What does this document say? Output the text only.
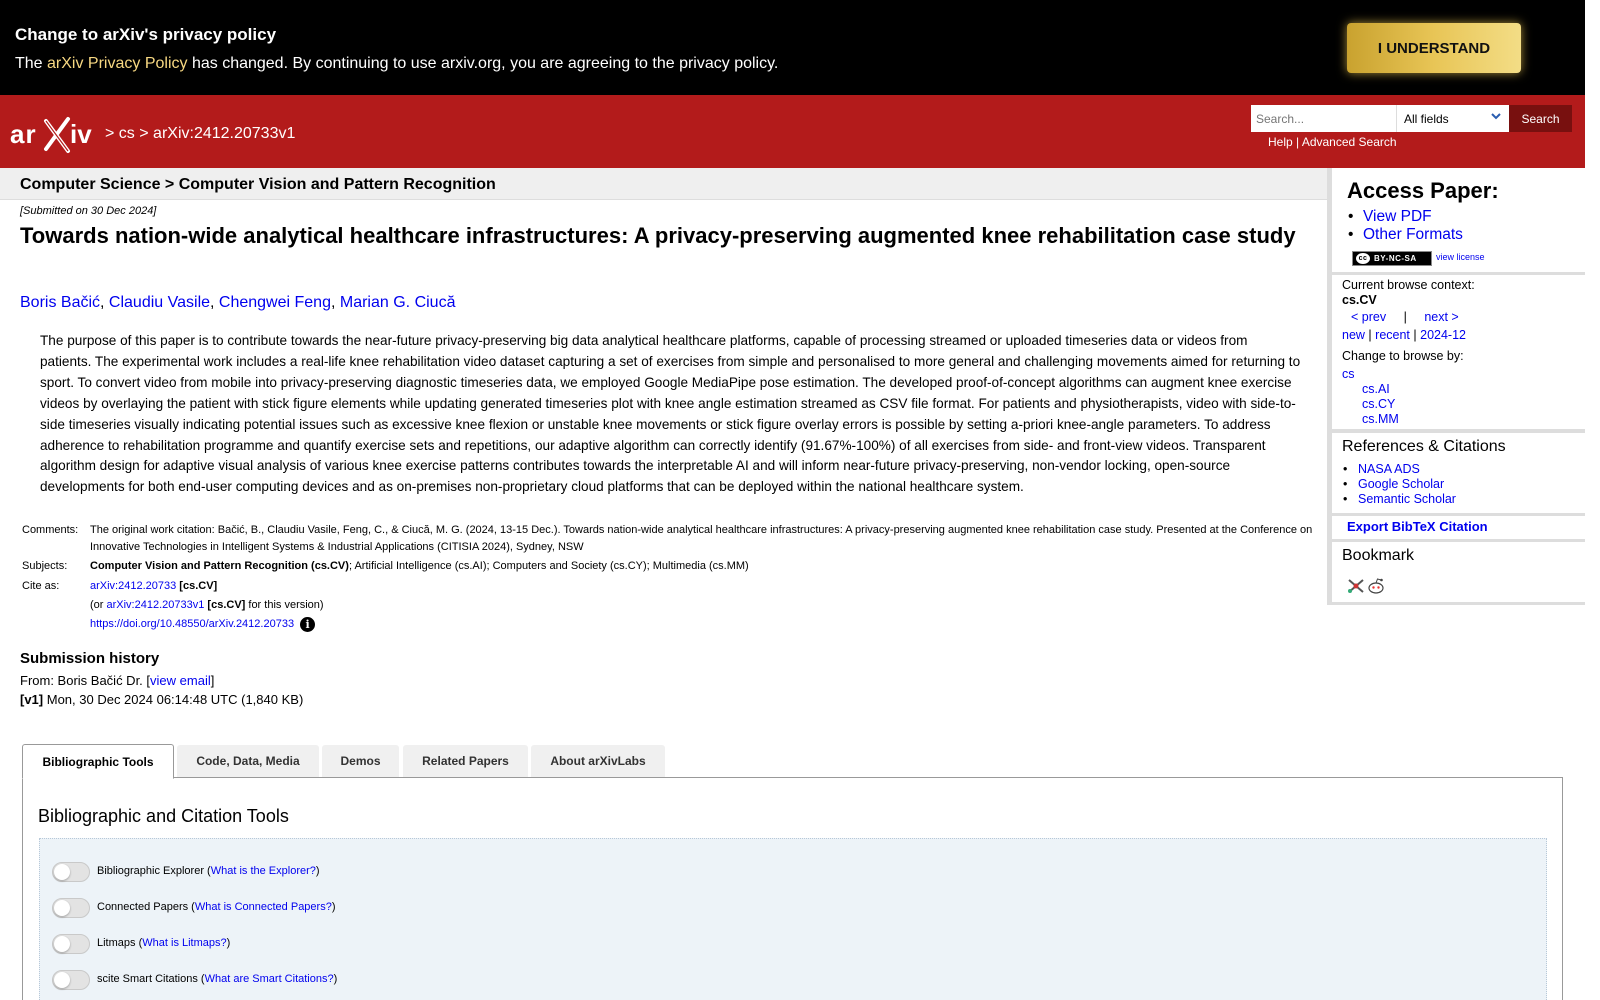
Change to arXiv's privacy policy
The arXiv Privacy Policy has changed. By continuing to use arxiv.org, you are agreeing to the privacy policy.
I UNDERSTAND
ar iv > cs > arXiv:2412.20733v1
Search...
All fields	Search
Help | Advanced Search
Computer Science > Computer Vision and Pattern Recognition
[Submitted on 30 Dec 2024]
Towards nation-wide analytical healthcare infrastructures: A privacy-preserving augmented knee rehabilitation case study
Boris Bačić, Claudiu Vasile, Chengwei Feng, Marian G. Ciucă
The purpose of this paper is to contribute towards the near-future privacy-preserving big data analytical healthcare platforms, capable of processing streamed or uploaded timeseries data or videos from patients. The experimental work includes a real-life knee rehabilitation video dataset capturing a set of exercises from simple and personalised to more general and challenging movements aimed for returning to sport. To convert video from mobile into privacy-preserving diagnostic timeseries data, we employed Google MediaPipe pose estimation. The developed proof-of-concept algorithms can augment knee exercise videos by overlaying the patient with stick figure elements while updating generated timeseries plot with knee angle estimation streamed as CSV file format. For patients and physiotherapists, video with side-to-side timeseries visually indicating potential issues such as excessive knee flexion or unstable knee movements or stick figure overlay errors is possible by setting a-priori knee-angle parameters. To address adherence to rehabilitation programme and quantify exercise sets and repetitions, our adaptive algorithm can correctly identify (91.67%-100%) of all exercises from side- and front-view videos. Transparent algorithm design for adaptive visual analysis of various knee exercise patterns contributes towards the interpretable AI and will inform near-future privacy-preserving, non-vendor locking, open-source developments for both end-user computing devices and as on-premises non-proprietary cloud platforms that can be deployed within the national healthcare system.
Comments:	The original work citation: Bačić, B., Claudiu Vasile, Feng, C., & Ciucă, M. G. (2024, 13-15 Dec.). Towards nation-wide analytical healthcare infrastructures: A privacy-preserving augmented knee rehabilitation case study. Presented at the Conference on Innovative Technologies in Intelligent Systems & Industrial Applications (CITISIA 2024), Sydney, NSW
Subjects:	Computer Vision and Pattern Recognition (cs.CV); Artificial Intelligence (cs.AI); Computers and Society (cs.CY); Multimedia (cs.MM)
Cite as:	arXiv:2412.20733 [cs.CV]
(or arXiv:2412.20733v1 [cs.CV] for this version)
https://doi.org/10.48550/arXiv.2412.20733 i
Submission history
From: Boris Bačić Dr. [view email]
[v1] Mon, 30 Dec 2024 06:14:48 UTC (1,840 KB)
Bibliographic Tools	Code, Data, Media	Demos	Related Papers	About arXivLabs
Bibliographic and Citation Tools
Bibliographic Explorer (What is the Explorer?)
Connected Papers (What is Connected Papers?)
Litmaps (What is Litmaps?)
scite Smart Citations (What are Smart Citations?)
Access Paper:
• View PDF
• Other Formats
cc BY-NC-SA view license
Current browse context:
cs.CV
< prev | next >
new | recent | 2024-12
Change to browse by:
cs
cs.AI
cs.CY
cs.MM
References & Citations
• NASA ADS
• Google Scholar
• Semantic Scholar
Export BibTeX Citation
Bookmark
